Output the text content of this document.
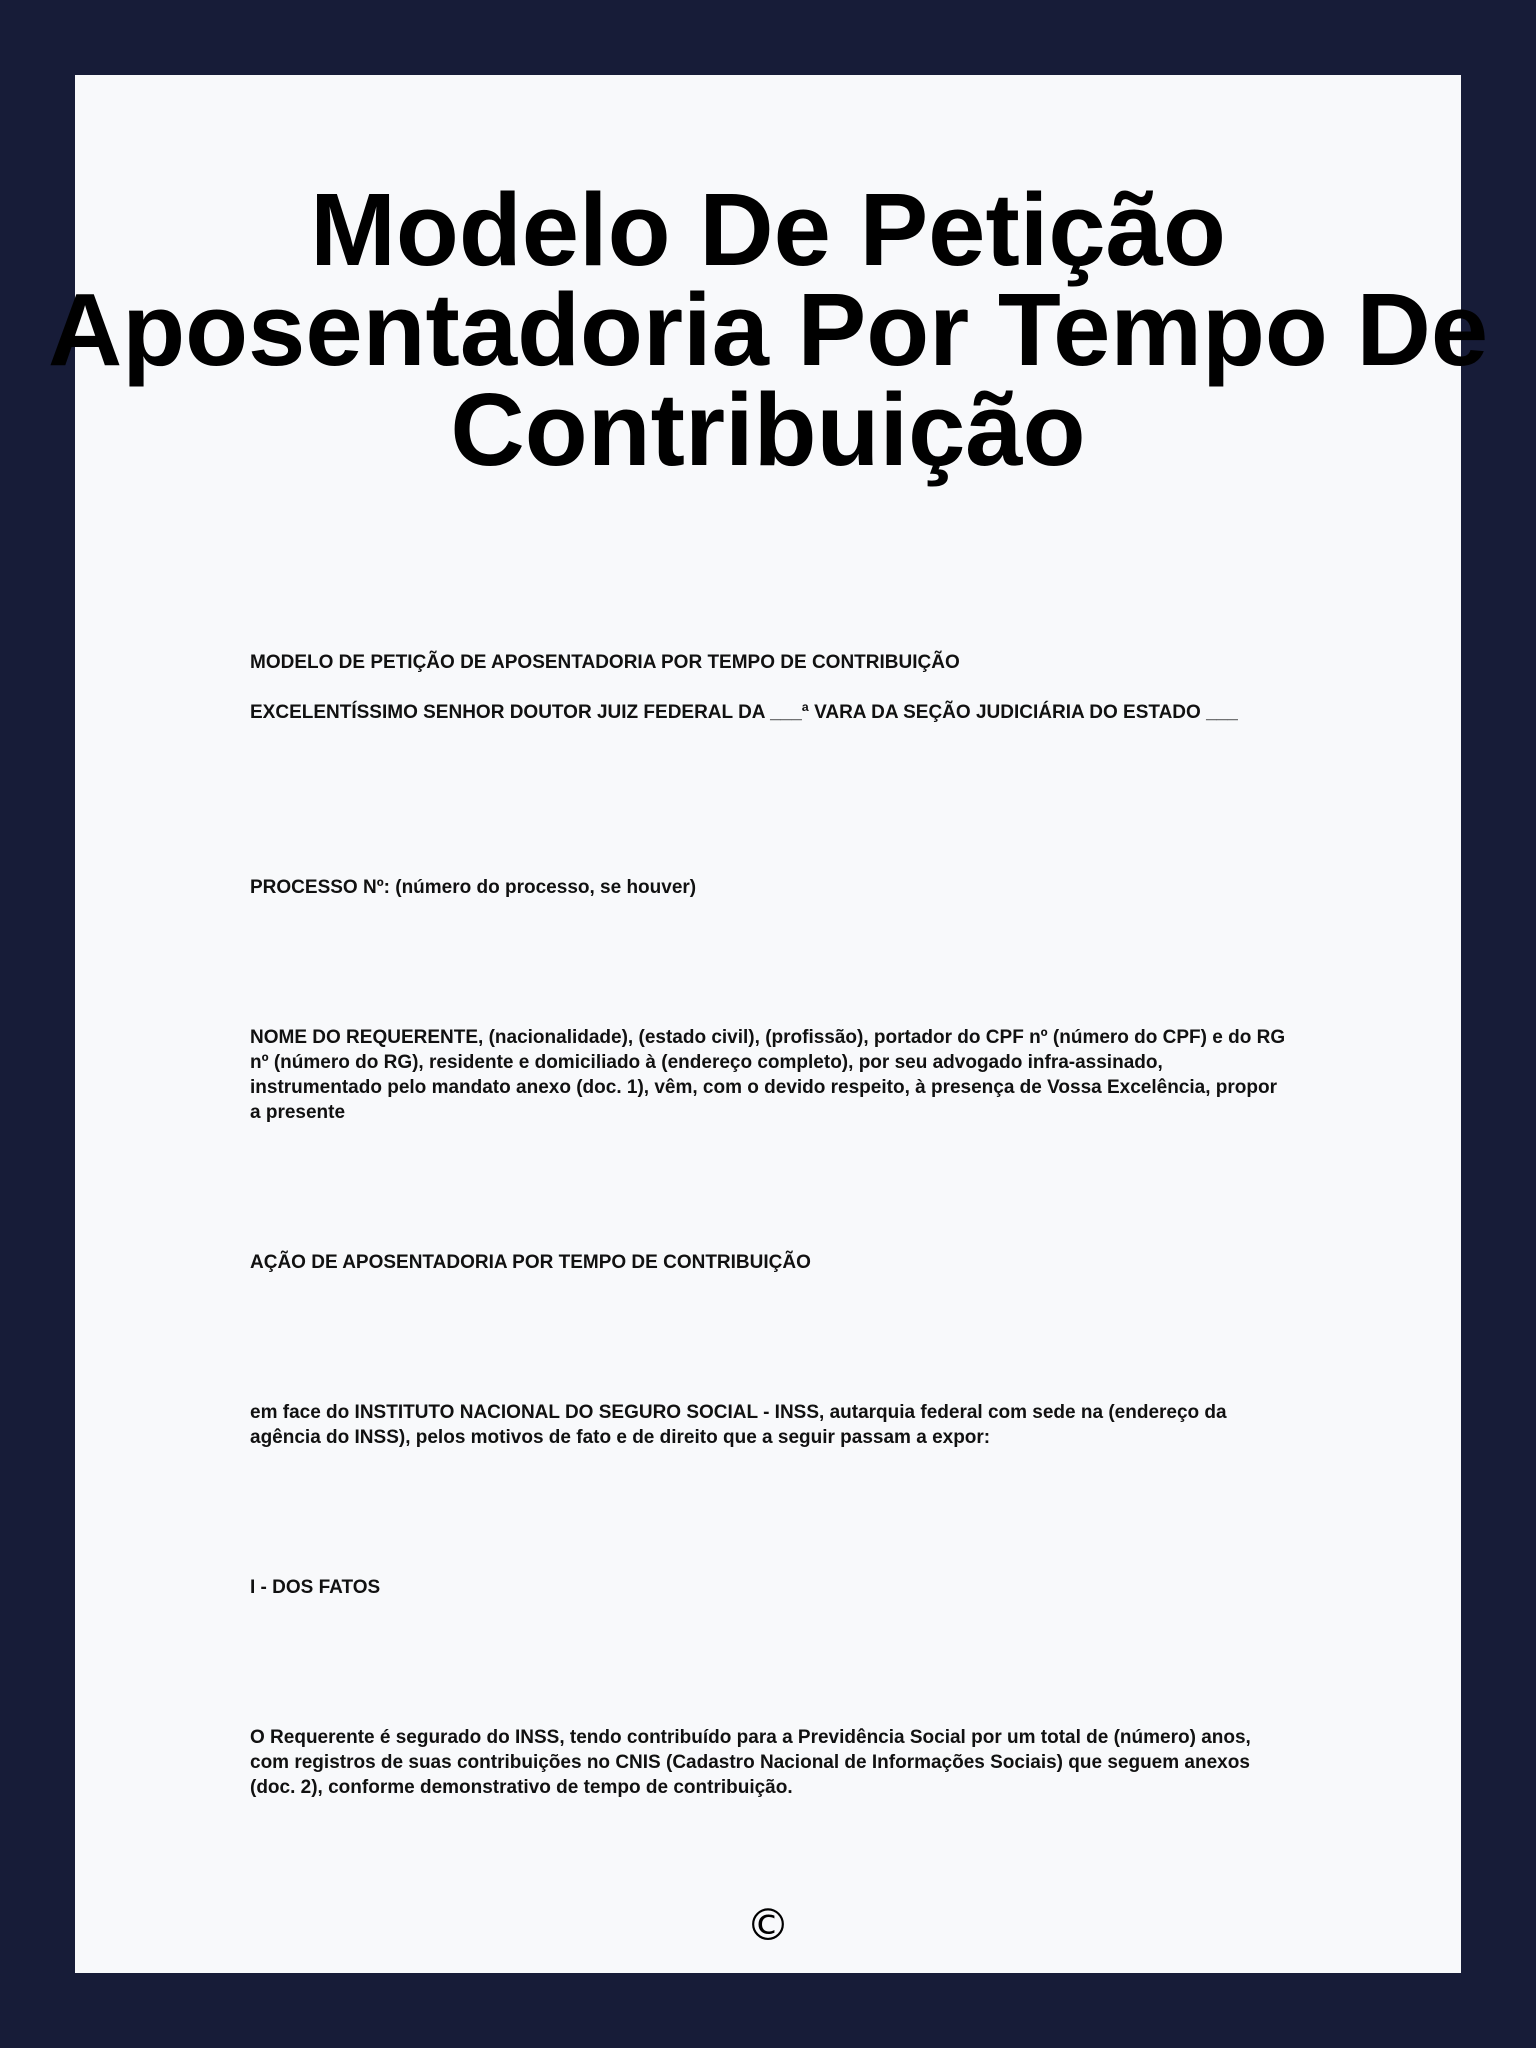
Modelo De Petição
Aposentadoria Por Tempo De
Contribuição

MODELO DE PETIÇÃO DE APOSENTADORIA POR TEMPO DE CONTRIBUIÇÃO

EXCELENTÍSSIMO SENHOR DOUTOR JUIZ FEDERAL DA ___ª VARA DA SEÇÃO JUDICIÁRIA DO ESTADO ___

PROCESSO Nº: (número do processo, se houver)

NOME DO REQUERENTE, (nacionalidade), (estado civil), (profissão), portador do CPF nº (número do CPF) e do RG nº (número do RG), residente e domiciliado à (endereço completo), por seu advogado infra-assinado, instrumentado pelo mandato anexo (doc. 1), vêm, com o devido respeito, à presença de Vossa Excelência, propor a presente

AÇÃO DE APOSENTADORIA POR TEMPO DE CONTRIBUIÇÃO

em face do INSTITUTO NACIONAL DO SEGURO SOCIAL - INSS, autarquia federal com sede na (endereço da agência do INSS), pelos motivos de fato e de direito que a seguir passam a expor:

I - DOS FATOS

O Requerente é segurado do INSS, tendo contribuído para a Previdência Social por um total de (número) anos, com registros de suas contribuições no CNIS (Cadastro Nacional de Informações Sociais) que seguem anexos (doc. 2), conforme demonstrativo de tempo de contribuição.

©
